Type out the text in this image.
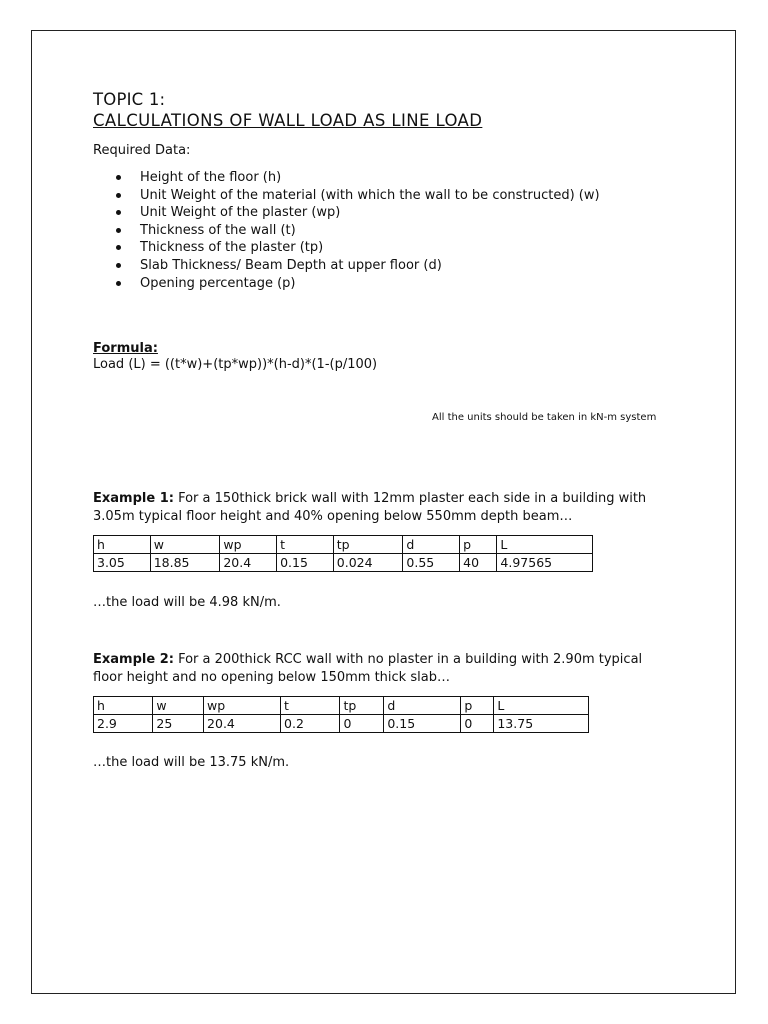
TOPIC 1:
CALCULATIONS OF WALL LOAD AS LINE LOAD
Required Data:
Height of the floor (h)
Unit Weight of the material (with which the wall to be constructed) (w)
Unit Weight of the plaster (wp)
Thickness of the wall (t)
Thickness of the plaster (tp)
Slab Thickness/ Beam Depth at upper floor (d)
Opening percentage (p)
Formula:
Load (L) = ((t*w)+(tp*wp))*(h-d)*(1-(p/100)
All the units should be taken in kN-m system
Example 1: For a 150thick brick wall with 12mm plaster each side in a building with 3.05m typical floor height and 40% opening below 550mm depth beam…
h	w	wp	t	tp	d	p	L
3.05	18.85	20.4	0.15	0.024	0.55	40	4.97565
…the load will be 4.98 kN/m.
Example 2: For a 200thick RCC wall with no plaster in a building with 2.90m typical floor height and no opening below 150mm thick slab…
h	w	wp	t	tp	d	p	L
2.9	25	20.4	0.2	0	0.15	0	13.75
…the load will be 13.75 kN/m.
